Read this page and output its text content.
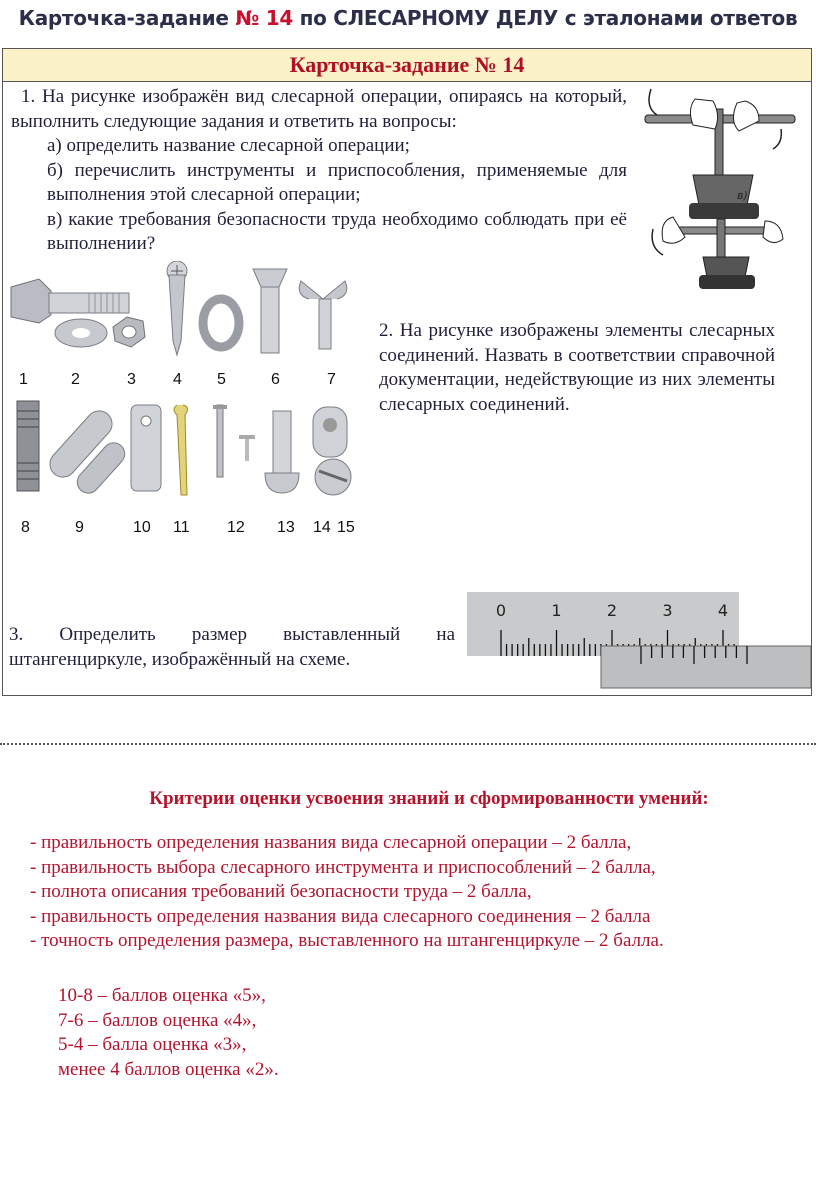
Карточка-задание № 14 по СЛЕСАРНОМУ ДЕЛУ с эталонами ответов
Карточка-задание № 14

1. На рисунке изображён вид слесарной операции, опираясь на который, выполнить следующие задания и ответить на вопросы:

а) определить название слесарной операции;

б) перечислить инструменты и приспособления, применяемые для выполнения этой слесарной операции;

в) какие требования безопасности труда необходимо соблюдать при её выполнении?

в)
1	2	3 4 5	6	7
8	9	10 11 12 13 14 15
2. На рисунке изображены элементы слесарных соединений. Назвать в соответствии справочной документации, недействующие из них элементы слесарных соединений.
0	1	2	3	4
3. Определить размер выставленный на штангенциркуле, изображённый на схеме.
Критерии оценки усвоения знаний и сформированности умений:
- правильность определения названия вида слесарной операции – 2 балла,
- правильность выбора слесарного инструмента и приспособлений – 2 балла,
- полнота описания требований безопасности труда – 2 балла,
- правильность определения названия вида слесарного соединения – 2 балла
- точность определения размера, выставленного на штангенциркуле – 2 балла.
10-8 – баллов оценка «5»,
7-6 – баллов оценка «4»,
5-4 – балла оценка «3»,
менее 4 баллов оценка «2».
